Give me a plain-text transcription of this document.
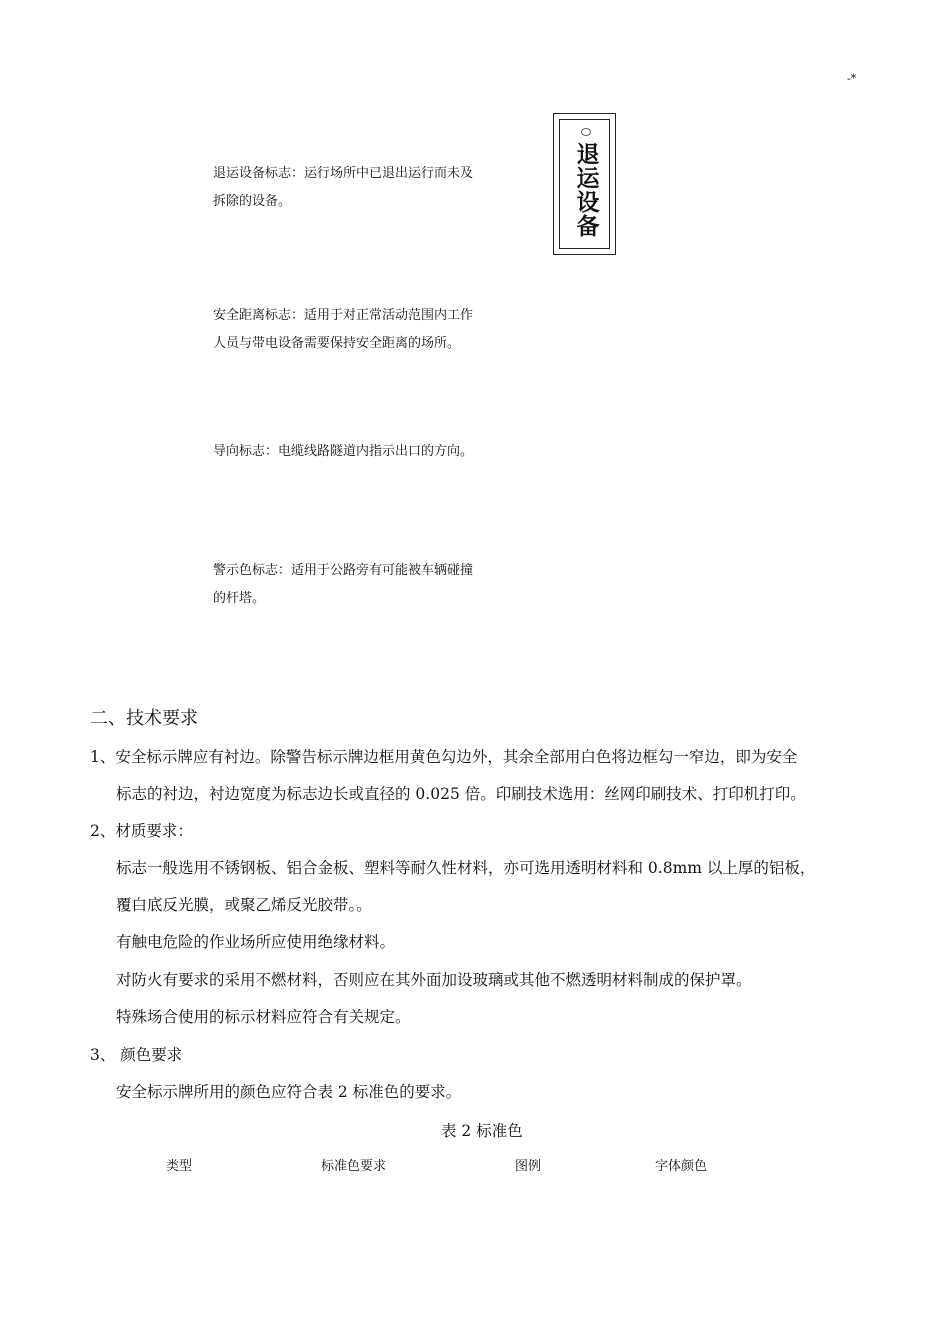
-*
退运设备标志：运行场所中已退出运行而未及
拆除的设备。	退运设备
安全距离标志：适用于对正常活动范围内工作
人员与带电设备需要保持安全距离的场所。
导向标志：电缆线路隧道内指示出口的方向。
警示色标志：适用于公路旁有可能被车辆碰撞
的杆塔。
二、技术要求
1、安全标示牌应有衬边。除警告标示牌边框用黄色勾边外，其余全部用白色将边框勾一窄边，即为安全
标志的衬边，衬边宽度为标志边长或直径的 0.025 倍。印刷技术选用：丝网印刷技术、打印机打印。
2、材质要求：
标志一般选用不锈钢板、铝合金板、塑料等耐久性材料，亦可选用透明材料和 0.8mm 以上厚的铝板，
覆白底反光膜，或聚乙烯反光胶带。。
有触电危险的作业场所应使用绝缘材料。
对防火有要求的采用不燃材料，否则应在其外面加设玻璃或其他不燃透明材料制成的保护罩。
特殊场合使用的标示材料应符合有关规定。
3、 颜色要求
安全标示牌所用的颜色应符合表 2 标准色的要求。
表 2 标准色
类型	标准色要求	图例	字体颜色
